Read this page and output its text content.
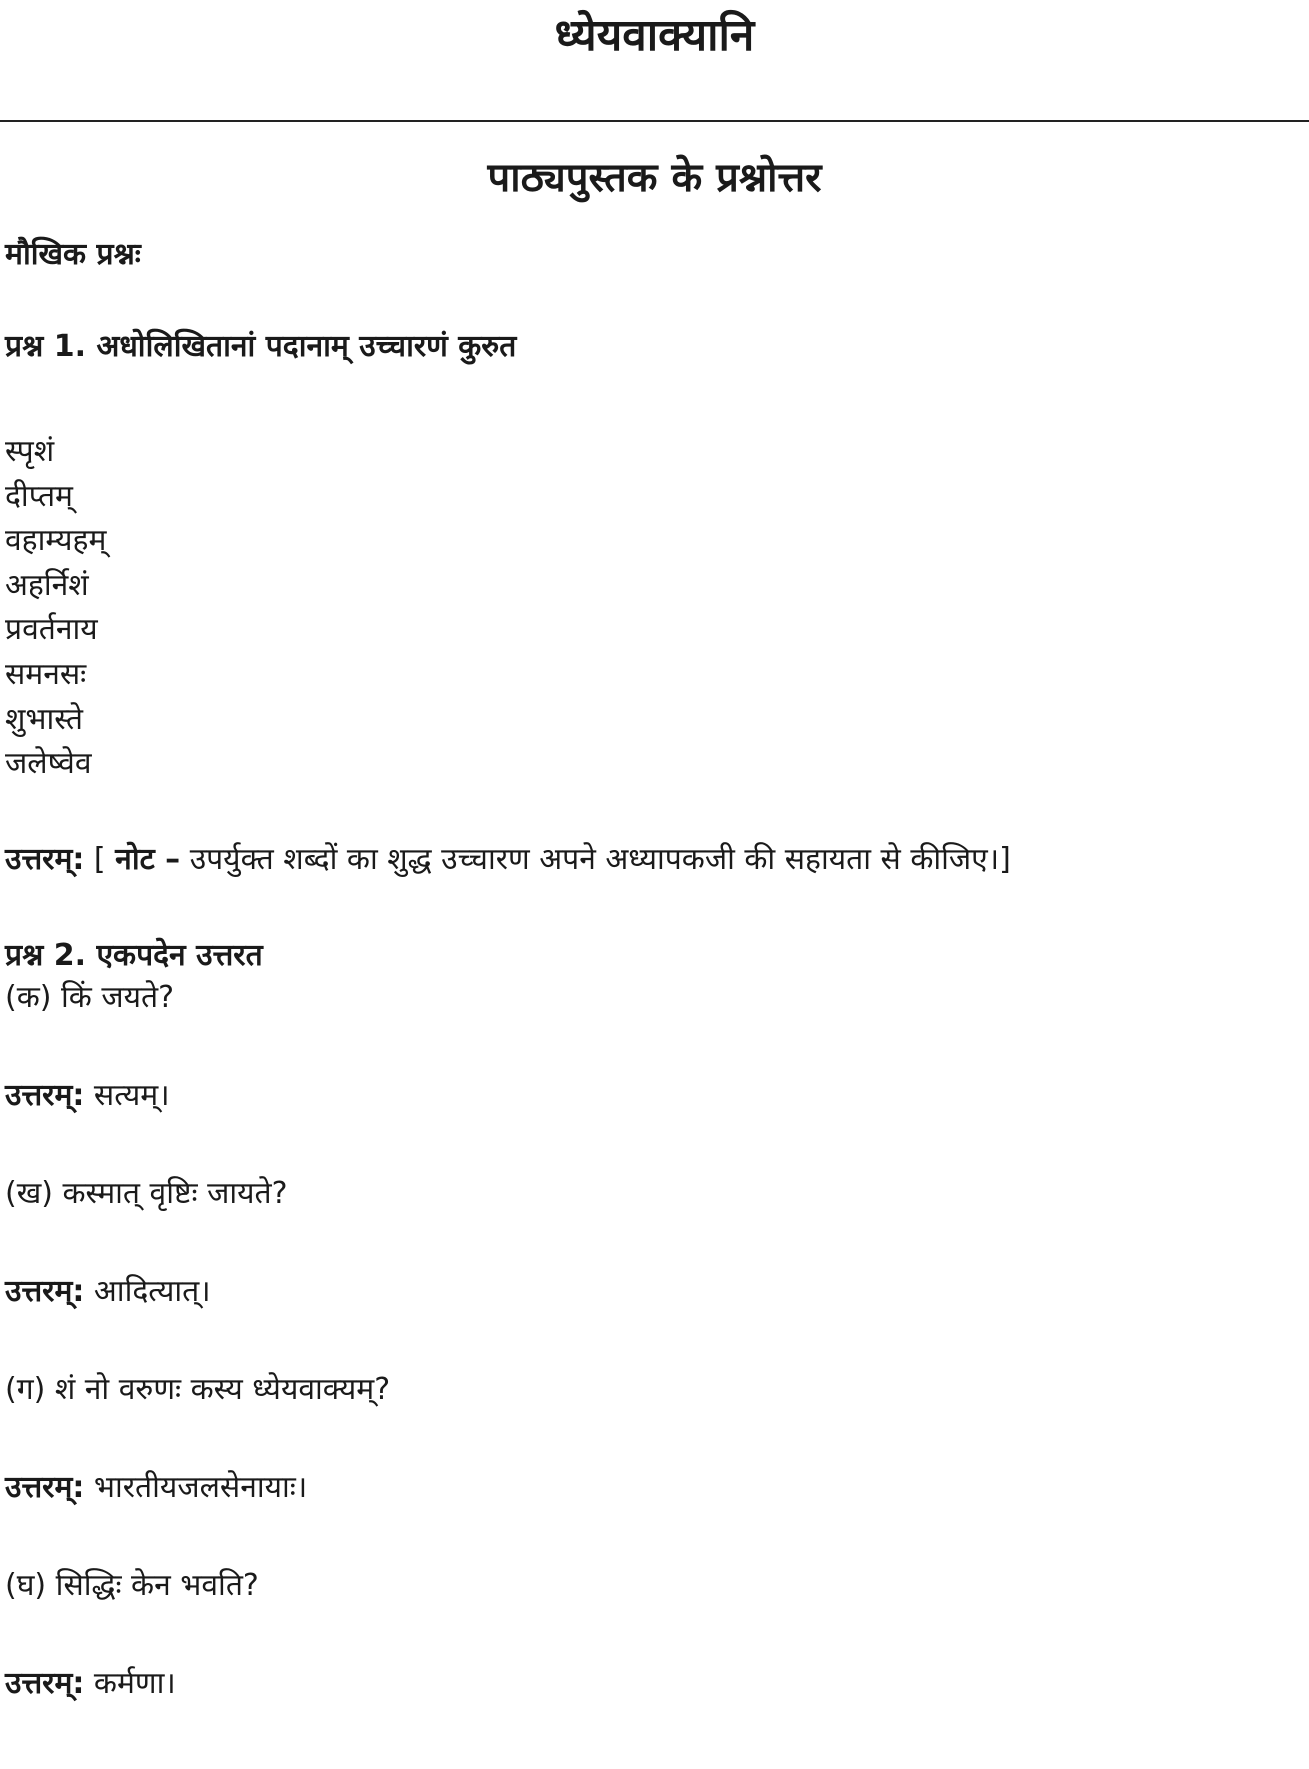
ध्येयवाक्यानि
पाठ्यपुस्तक के प्रश्नोत्तर
मौखिक प्रश्नः
प्रश्न 1. अधोलिखितानां पदानाम् उच्चारणं कुरुत
स्पृशं
दीप्तम्
वहाम्यहम्
अहर्निशं
प्रवर्तनाय
समनसः
शुभास्ते
जलेष्वेव
उत्तरम्: [ नोट – उपर्युक्त शब्दों का शुद्ध उच्चारण अपने अध्यापकजी की सहायता से कीजिए।]
प्रश्न 2. एकपदेन उत्तरत
(क) किं जयते?
उत्तरम्: सत्यम्।
(ख) कस्मात् वृष्टिः जायते?
उत्तरम्: आदित्यात्।
(ग) शं नो वरुणः कस्य ध्येयवाक्यम्?
उत्तरम्: भारतीयजलसेनायाः।
(घ) सिद्धिः केन भवति?
उत्तरम्: कर्मणा।
